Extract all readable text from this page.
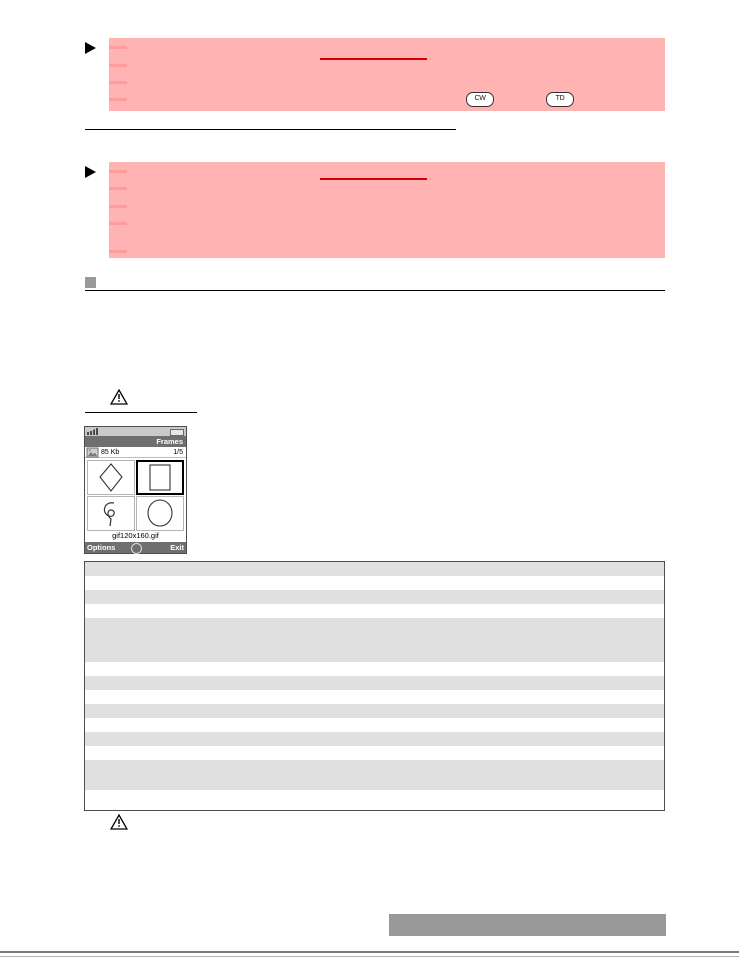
CW	TD
Frames
85 Kb	1/5
gif120x160.gif
Options	Exit
